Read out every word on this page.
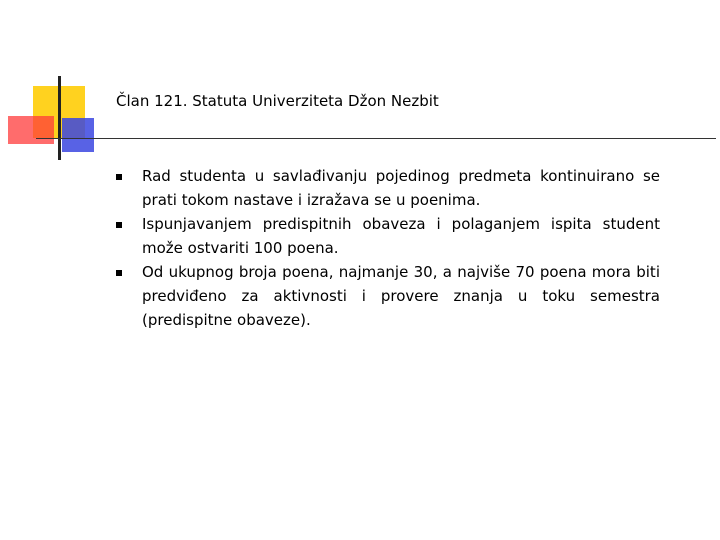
Član 121. Statuta Univerziteta Džon Nezbit
Rad studenta u savlađivanju pojedinog predmeta kontinuirano se prati tokom nastave i izražava se u poenima.
Ispunjavanjem predispitnih obaveza i polaganjem ispita student može ostvariti 100 poena.
Od ukupnog broja poena, najmanje 30, a najviše 70 poena mora biti predviđeno za aktivnosti i provere znanja u toku semestra (predispitne obaveze).
